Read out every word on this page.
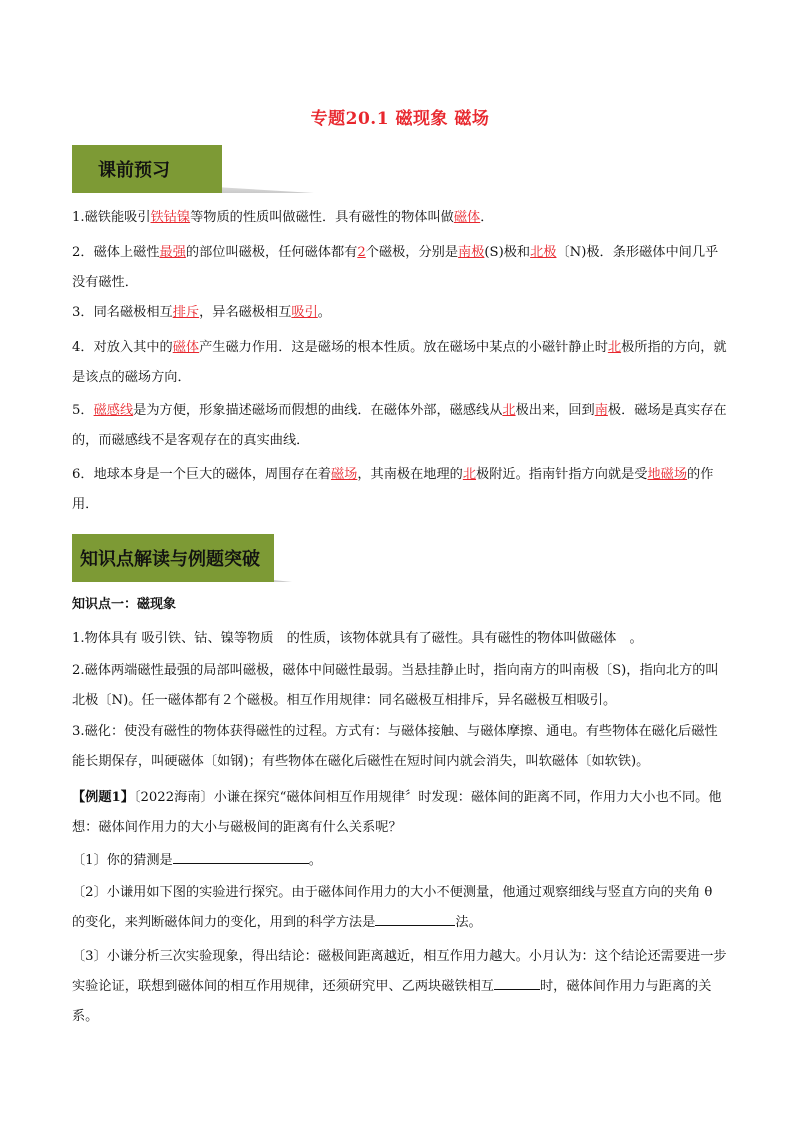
专题20.1 磁现象 磁场
课前预习

1.磁铁能吸引铁钴镍等物质的性质叫做磁性．具有磁性的物体叫做磁体．

2．磁体上磁性最强的部位叫磁极，任何磁体都有2个磁极，分别是南极(S)极和北极〔N)极．条形磁体中间几乎没有磁性．

3．同名磁极相互排斥，异名磁极相互吸引。

4．对放入其中的磁体产生磁力作用．这是磁场的根本性质。放在磁场中某点的小磁针静止时北极所指的方向，就是该点的磁场方向．

5．磁感线是为方便，形象描述磁场而假想的曲线．在磁体外部，磁感线从北极出来，回到南极．磁场是真实存在的，而磁感线不是客观存在的真实曲线．

6．地球本身是一个巨大的磁体，周围存在着磁场，其南极在地理的北极附近。指南针指方向就是受地磁场的作用．

知识点解读与例题突破

知识点一：磁现象

1.物体具有 吸引铁、钴、镍等物质　的性质，该物体就具有了磁性。具有磁性的物体叫做磁体　。

2.磁体两端磁性最强的局部叫磁极，磁体中间磁性最弱。当悬挂静止时，指向南方的叫南极〔S)，指向北方的叫北极〔N)。任一磁体都有２个磁极。相互作用规律：同名磁极互相排斥，异名磁极互相吸引。

3.磁化：使没有磁性的物体获得磁性的过程。方式有：与磁体接触、与磁体摩擦、通电。有些物体在磁化后磁性能长期保存，叫硬磁体〔如钢)；有些物体在磁化后磁性在短时间内就会消失，叫软磁体〔如软铁)。

【例题1】〔2022海南〕小谦在探究“磁体间相互作用规律〞时发现：磁体间的距离不同，作用力大小也不同。他想：磁体间作用力的大小与磁极间的距离有什么关系呢？

〔1〕你的猜测是	。

〔2〕小谦用如下图的实验进行探究。由于磁体间作用力的大小不便测量，他通过观察细线与竖直方向的夹角 θ 的变化，来判断磁体间力的变化，用到的科学方法是	法。

〔3〕小谦分析三次实验现象，得出结论：磁极间距离越近，相互作用力越大。小月认为：这个结论还需要进一步实验论证，联想到磁体间的相互作用规律，还须研究甲、乙两块磁铁相互	时，磁体间作用力与距离的关系。
